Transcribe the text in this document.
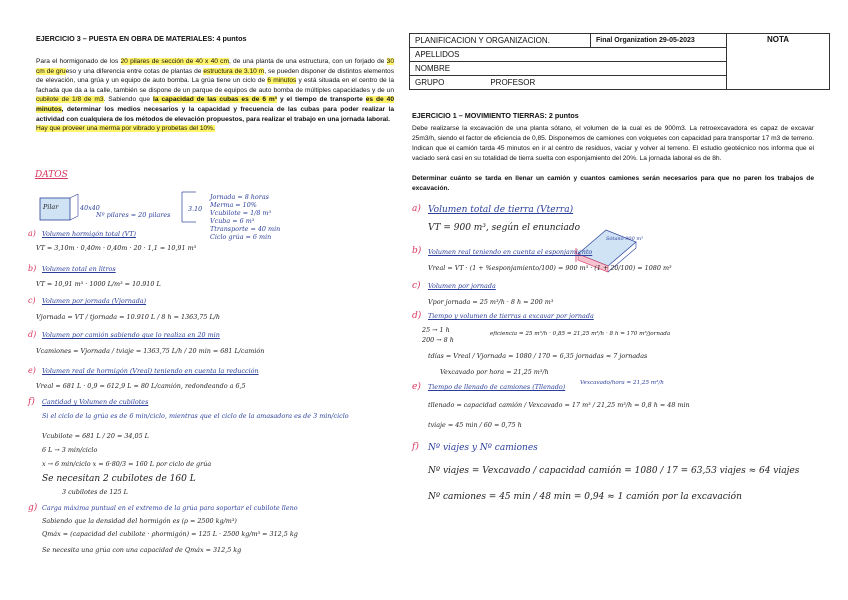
EJERCICIO 3 – PUESTA EN OBRA DE MATERIALES: 4 puntos
Para el hormigonado de los 20 pilares de sección de 40 x 40 cm, de una planta de una estructura, con un forjado de 30 cm de grueso y una diferencia entre cotas de plantas de estructura de 3.10 m, se pueden disponer de distintos elementos de elevación, una grúa y un equipo de auto bomba. La grúa tiene un ciclo de 6 minutos y está situada en el centro de la fachada que da a la calle, también se dispone de un parque de equipos de auto bomba de múltiples capacidades y de un cubilote de 1/8 de m3. Sabiendo que la capacidad de las cubas es de 6 m³ y el tiempo de transporte es de 40 minutos, determinar los medios necesarios y la capacidad y frecuencia de las cubas para poder realizar la actividad con cualquiera de los métodos de elevación propuestos, para realizar el trabajo en una jornada laboral.
Hay que proveer una merma por vibrado y probetas del 10%.
DATOS
Pilar	40x40
Nº pilares = 20 pilares
3.10
Jornada = 8 horas
Merma = 10%
Vcubilote = 1/8 m³
Vcuba = 6 m³
Ttransporte = 40 min
Ciclo grúa = 6 min
a) Volumen hormigón total (VT)
VT = 3,10m · 0,40m · 0,40m · 20 · 1,1 = 10,91 m³
b) Volumen total en litros
VT = 10,91 m³ · 1000 L/m³ = 10.910 L
c) Volumen por jornada (Vjornada)
Vjornada = VT / tjornada = 10.910 L / 8 h = 1363,75 L/h
d) Volumen por camión sabiendo que lo realiza en 20 min
Vcamiones = Vjornada / tviaje = 1363,75 L/h / 20 min = 681 L/camión
e) Volumen real de hormigón (Vreal) teniendo en cuenta la reducción
Vreal = 681 L · 0,9 = 612,9 L ≈ 80 L/camión, redondeando a 6,5
f) Cantidad y Volumen de cubilotes
Si el ciclo de la grúa es de 6 min/ciclo, mientras que el ciclo de la amasadora es de 3 min/ciclo
Vcubilote = 681 L / 20 = 34,05 L
6 L → 3 min/ciclo
x → 6 min/ciclo x = 6·80/3 = 160 L por ciclo de grúa
Se necesitan 2 cubilotes de 160 L
3 cubilotes de 125 L
g) Carga máxima puntual en el extremo de la grúa para soportar el cubilote lleno
Sabiendo que la densidad del hormigón es (ρ = 2500 kg/m³)
Qmáx = (capacidad del cubilote · ρhormigón) = 125 L · 2500 kg/m³ = 312,5 kg
Se necesita una grúa con una capacidad de Qmáx = 312,5 kg
PLANIFICACION Y ORGANIZACION.	Final Organization 29-05-2023	NOTA
APELLIDOS
NOMBRE
GRUPO	PROFESOR
EJERCICIO 1 – MOVIMIENTO TIERRAS: 2 puntos
Debe realizarse la excavación de una planta sótano, el volumen de la cual es de 900m3. La retroexcavadora es capaz de excavar 25m3/h, siendo el factor de eficiencia de 0,85. Disponemos de camiones con volquetes con capacidad para transportar 17 m3 de terreno. Indican que el camión tarda 45 minutos en ir al centro de residuos, vaciar y volver al terreno. El estudio geotécnico nos informa que el vaciado será casi en su totalidad de tierra suelta con esponjamiento del 20%. La jornada laboral es de 8h.
Determinar cuánto se tarda en llenar un camión y cuantos camiones serán necesarios para que no paren los trabajos de excavación.
a) Volumen total de tierra (Vterra)
VT = 900 m³, según el enunciado
Sótano 900 m³
b) Volumen real teniendo en cuenta el esponjamiento
Vreal = VT · (1 + %esponjamiento/100) = 900 m³ · (1 + 20/100) = 1080 m³
c) Volumen por jornada
Vpor jornada = 25 m³/h · 8 h = 200 m³
d) Tiempo y volumen de tierras a excavar por jornada
25 → 1 h
200 → 8 h
eficiencia = 25 m³/h · 0,85 = 21,25 m³/h · 8 h = 170 m³/jornada
tdías = Vreal / Vjornada = 1080 / 170 = 6,35 jornadas ≈ 7 jornadas
Vexcavado por hora = 21,25 m³/h
e) Tiempo de llenado de camiones (Tllenado)	Vexcavado/hora = 21,25 m³/h
tllenado = capacidad camión / Vexcavado = 17 m³ / 21,25 m³/h = 0,8 h = 48 min
tviaje = 45 min / 60 = 0,75 h
f) Nº viajes y Nº camiones
Nº viajes = Vexcavado / capacidad camión = 1080 / 17 = 63,53 viajes ≈ 64 viajes
Nº camiones = 45 min / 48 min = 0,94 ≈ 1 camión por la excavación
